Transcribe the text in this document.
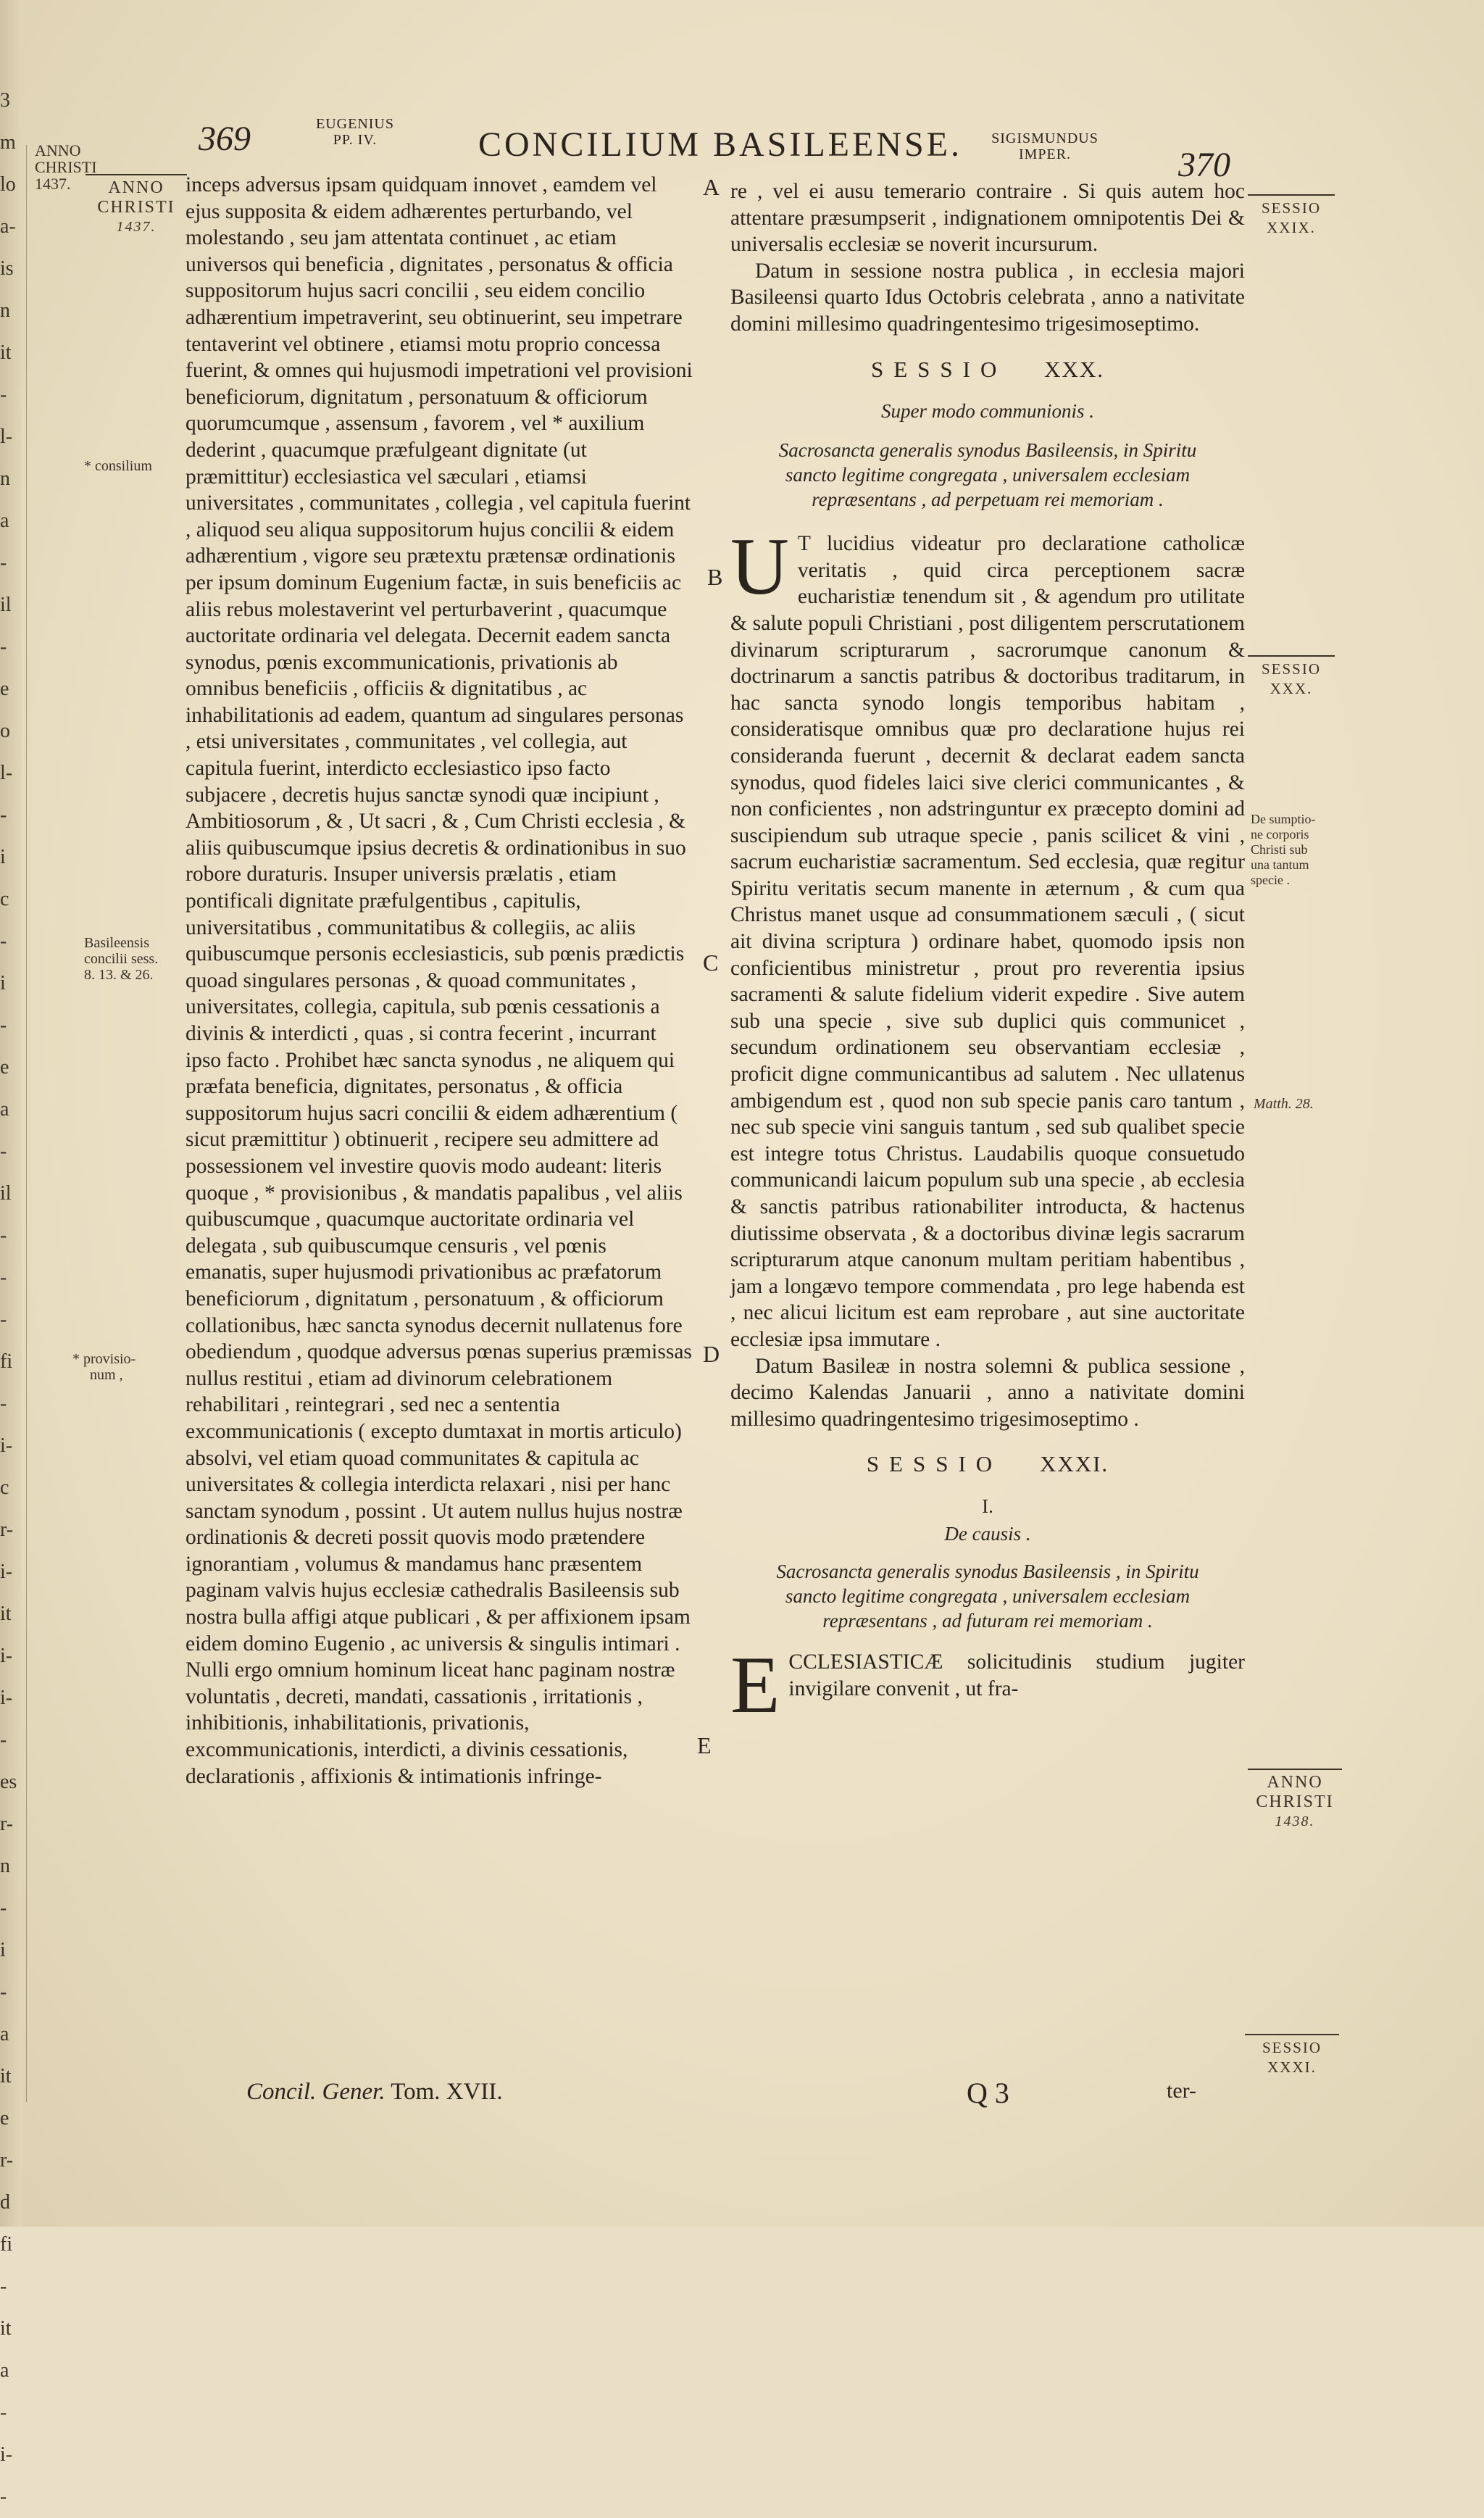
3
m
lo
a-
is
n
it
-
l-
n
a
-
il
-
e
o
l-
-
i
c
-
i
-
e
a
-
il
-
-
-
fi
-
i-
c
r-
i-
it
i-
i-
-
es
r-
n
-
i
-
a
it
e
r-
d
fi
-
it
a
-
i-
-
ANNO
CHRISTI
1437.
369	EUGENIUS
PP. IV.	CONCILIUM BASILEENSE.	SIGISMUNDUS
IMPER.	370
ANNO
CHRISTI
1437.
* consilium
Basileensis
concilii sess.
8. 13. & 26.
* provisio-
num ,

inceps adversus ipsam quidquam innovet , eamdem vel ejus supposita & eidem adhærentes perturbando, vel molestando , seu jam attentata continuet , ac etiam universos qui beneficia , dignitates , personatus & officia suppositorum hujus sacri concilii , seu eidem concilio adhærentium impetraverint, seu obtinuerint, seu impetrare tentaverint vel obtinere , etiamsi motu proprio concessa fuerint, & omnes qui hujusmodi impetrationi vel provisioni beneficiorum, dignitatum , personatuum & officiorum quorumcumque , assensum , favorem , vel * auxilium dederint , quacumque præfulgeant dignitate (ut præmittitur) ecclesiastica vel sæculari , etiamsi universitates , communitates , collegia , vel capitula fuerint , aliquod seu aliqua suppositorum hujus concilii & eidem adhærentium , vigore seu prætextu prætensæ ordinationis per ipsum dominum Eugenium factæ, in suis beneficiis ac aliis rebus molestaverint vel perturbaverint , quacumque auctoritate ordinaria vel delegata. Decernit eadem sancta synodus, pœnis excommunicationis, privationis ab omnibus beneficiis , officiis & dignitatibus , ac inhabilitationis ad eadem, quantum ad singulares personas , etsi universitates , communitates , vel collegia, aut capitula fuerint, interdicto ecclesiastico ipso facto subjacere , decretis hujus sanctæ synodi quæ incipiunt , Ambitiosorum , & , Ut sacri , & , Cum Christi ecclesia , & aliis quibuscumque ipsius decretis & ordinationibus in suo robore duraturis. Insuper universis prælatis , etiam pontificali dignitate præfulgentibus , capitulis, universitatibus , communitatibus & collegiis, ac aliis quibuscumque personis ecclesiasticis, sub pœnis prædictis quoad singulares personas , & quoad communitates , universitates, collegia, capitula, sub pœnis cessationis a divinis & interdicti , quas , si contra fecerint , incurrant ipso facto . Prohibet hæc sancta synodus , ne aliquem qui præfata beneficia, dignitates, personatus , & officia suppositorum hujus sacri concilii & eidem adhærentium ( sicut præmittitur ) obtinuerit , recipere seu admittere ad possessionem vel investire quovis modo audeant: literis quoque , * provisionibus , & mandatis papalibus , vel aliis quibuscumque , quacumque auctoritate ordinaria vel delegata , sub quibuscumque censuris , vel pœnis emanatis, super hujusmodi privationibus ac præfatorum beneficiorum , dignitatum , personatuum , & officiorum collationibus, hæc sancta synodus decernit nullatenus fore obediendum , quodque adversus pœnas superius præmissas nullus restitui , etiam ad divinorum celebrationem rehabilitari , reintegrari , sed nec a sententia excommunicationis ( excepto dumtaxat in mortis articulo) absolvi, vel etiam quoad communitates & capitula ac universitates & collegia interdicta relaxari , nisi per hanc sanctam synodum , possint . Ut autem nullus hujus nostræ ordinationis & decreti possit quovis modo prætendere ignorantiam , volumus & mandamus hanc præsentem paginam valvis hujus ecclesiæ cathedralis Basileensis sub nostra bulla affigi atque publicari , & per affixionem ipsam eidem domino Eugenio , ac universis & singulis intimari . Nulli ergo omnium hominum liceat hanc paginam nostræ voluntatis , decreti, mandati, cassationis , irritationis , inhibitionis, inhabilitationis, privationis, excommunicationis, interdicti, a divinis cessationis, declarationis , affixionis & intimationis infringe-

A
B
C
D
E

re , vel ei ausu temerario contraire . Si quis autem hoc attentare præsumpserit , indignationem omnipotentis Dei & universalis ecclesiæ se noverit incursurum.

Datum in sessione nostra publica , in ecclesia majori Basileensi quarto Idus Octobris celebrata , anno a nativitate domini millesimo quadringentesimo trigesimoseptimo.

SESSIO XXX.
Super modo communionis .
Sacrosancta generalis synodus Basileensis, in Spiritu sancto legitime congregata , universalem ecclesiam repræsentans , ad perpetuam rei memoriam .

U T lucidius videatur pro declaratione catholicæ veritatis , quid circa perceptionem sacræ eucharistiæ tenendum sit , & agendum pro utilitate & salute populi Christiani , post diligentem perscrutationem divinarum scripturarum , sacrorumque canonum & doctrinarum a sanctis patribus & doctoribus traditarum, in hac sancta synodo longis temporibus habitam , consideratisque omnibus quæ pro declaratione hujus rei consideranda fuerunt , decernit & declarat eadem sancta synodus, quod fideles laici sive clerici communicantes , & non conficientes , non adstringuntur ex præcepto domini ad suscipiendum sub utraque specie , panis scilicet & vini , sacrum eucharistiæ sacramentum. Sed ecclesia, quæ regitur Spiritu veritatis secum manente in æternum , & cum qua Christus manet usque ad consummationem sæculi , ( sicut ait divina scriptura ) ordinare habet, quomodo ipsis non conficientibus ministretur , prout pro reverentia ipsius sacramenti & salute fidelium viderit expedire . Sive autem sub una specie , sive sub duplici quis communicet , secundum ordinationem seu observantiam ecclesiæ , proficit digne communicantibus ad salutem . Nec ullatenus ambigendum est , quod non sub specie panis caro tantum , nec sub specie vini sanguis tantum , sed sub qualibet specie est integre totus Christus. Laudabilis quoque consuetudo communicandi laicum populum sub una specie , ab ecclesia & sanctis patribus rationabiliter introducta, & hactenus diutissime observata , & a doctoribus divinæ legis sacrarum scripturarum atque canonum multam peritiam habentibus , jam a longævo tempore commendata , pro lege habenda est , nec alicui licitum est eam reprobare , aut sine auctoritate ecclesiæ ipsa immutare .

Datum Basileæ in nostra solemni & publica sessione , decimo Kalendas Januarii , anno a nativitate domini millesimo quadringentesimo trigesimoseptimo .

SESSIO XXXI.
I.
De causis .
Sacrosancta generalis synodus Basileensis , in Spiritu sancto legitime congregata , universalem ecclesiam repræsentans , ad futuram rei memoriam .

E CCLESIASTICÆ solicitudinis studium jugiter invigilare convenit , ut fra-

SESSIO
XXIX.
SESSIO
XXX.
De sumptio-
ne corporis
Christi sub
una tantum
specie .
Matth. 28.
ANNO
CHRISTI
1438.
SESSIO
XXXI.
Concil. Gener. Tom. XVII.	Q 3	ter-
